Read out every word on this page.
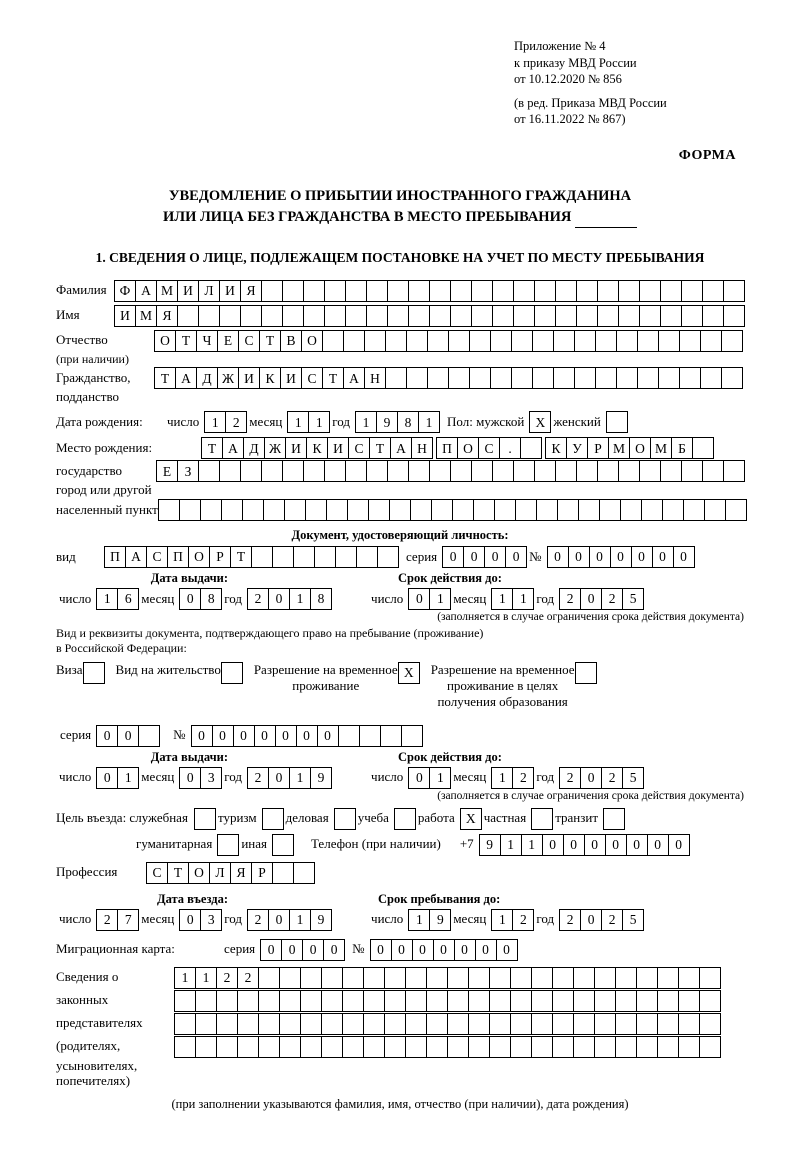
Приложение № 4
к приказу МВД России
от 10.12.2020 № 856
(в ред. Приказа МВД России
от 16.11.2022 № 867)
ФОРМА
УВЕДОМЛЕНИЕ О ПРИБЫТИИ ИНОСТРАННОГО ГРАЖДАНИНА
ИЛИ ЛИЦА БЕЗ ГРАЖДАНСТВА В МЕСТО ПРЕБЫВАНИЯ
1. СВЕДЕНИЯ О ЛИЦЕ, ПОДЛЕЖАЩЕМ ПОСТАНОВКЕ НА УЧЕТ ПО МЕСТУ ПРЕБЫВАНИЯ
Фамилия Ф А М И Л И Я
Имя	И М Я
Отчество	О Т Ч Е С Т В О
(при наличии)
Гражданство,	Т А Д Ж И К И С Т А Н
подданство
Дата рождения:	число 1	2 месяц 1	1 год 1	9	8	1	Пол: мужской X женский
Место рождения:	Т А Д Ж И К И С Т А Н	П О С	.	К У Р М О М Б
государство	Е З
город или другой
населенный пункт
Документ, удостоверяющий личность:
вид	П А С П О Р Т	серия 0	0	0	0 № 0	0	0	0	0	0	0
Дата выдачи:	Срок действия до:
число 1	6 месяц 0	8 год 2	0	1	8	число 0	1 месяц 1	1 год 2	0	2	5
(заполняется в случае ограничения срока действия документа)
Вид и реквизиты документа, подтверждающего право на пребывание (проживание)
в Российской Федерации:
Виза	Вид на жительство	Разрешение на временное
проживание
X	Разрешение на временное
проживание в целях
получения образования
серия 0	0	№ 0	0	0	0	0	0	0
Дата выдачи:	Срок действия до:
число 0	1 месяц 0	3 год 2	0	1	9	число 0	1 месяц 1	2 год 2	0	2	5
(заполняется в случае ограничения срока действия документа)
Цель въезда: служебная туризм деловая учеба работа X частная транзит
гуманитарная иная	Телефон (при наличии) +7 9	1	1	0	0	0	0	0	0	0
Профессия	С Т О Л Я Р
Дата въезда:	Срок пребывания до:
число 2	7 месяц 0	3 год 2	0	1	9	число 1	9 месяц 1	2 год 2	0	2	5
Миграционная карта:	серия 0	0	0	0	№ 0	0	0	0	0	0	0
Сведения о	1	1	2	2
законных
представителях
(родителях,
усыновителях,
попечителях)
(при заполнении указываются фамилия, имя, отчество (при наличии), дата рождения)
